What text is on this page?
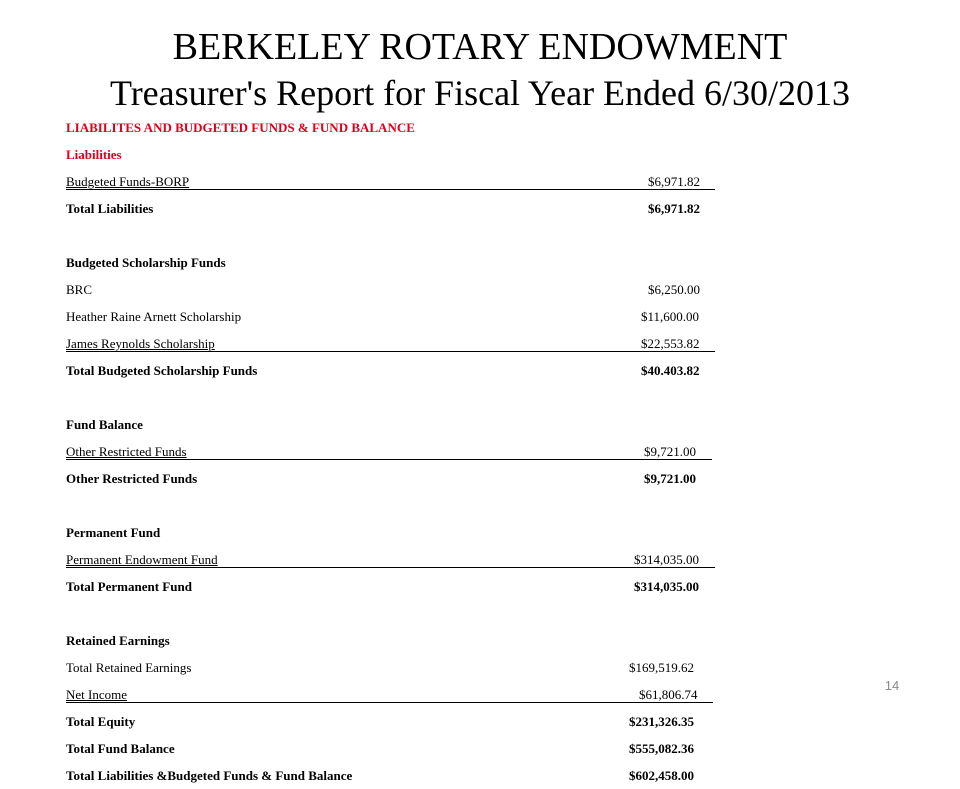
BERKELEY ROTARY ENDOWMENT
Treasurer's Report for Fiscal Year Ended 6/30/2013
LIABILITES AND BUDGETED FUNDS & FUND BALANCE
Liabilities
Budgeted Funds-BORP	$6,971.82
Total Liabilities	$6,971.82
Budgeted Scholarship Funds
BRC	$6,250.00
Heather Raine Arnett Scholarship	$11,600.00
James Reynolds Scholarship	$22,553.82
Total Budgeted Scholarship Funds	$40.403.82
Fund Balance
Other Restricted Funds	$9,721.00
Other Restricted Funds	$9,721.00
Permanent Fund
Permanent Endowment Fund	$314,035.00
Total Permanent Fund	$314,035.00
Retained Earnings
Total Retained Earnings	$169,519.62
Net Income	$61,806.74
Total Equity	$231,326.35
Total Fund Balance	$555,082.36
Total Liabilities &Budgeted Funds & Fund Balance	$602,458.00
14
